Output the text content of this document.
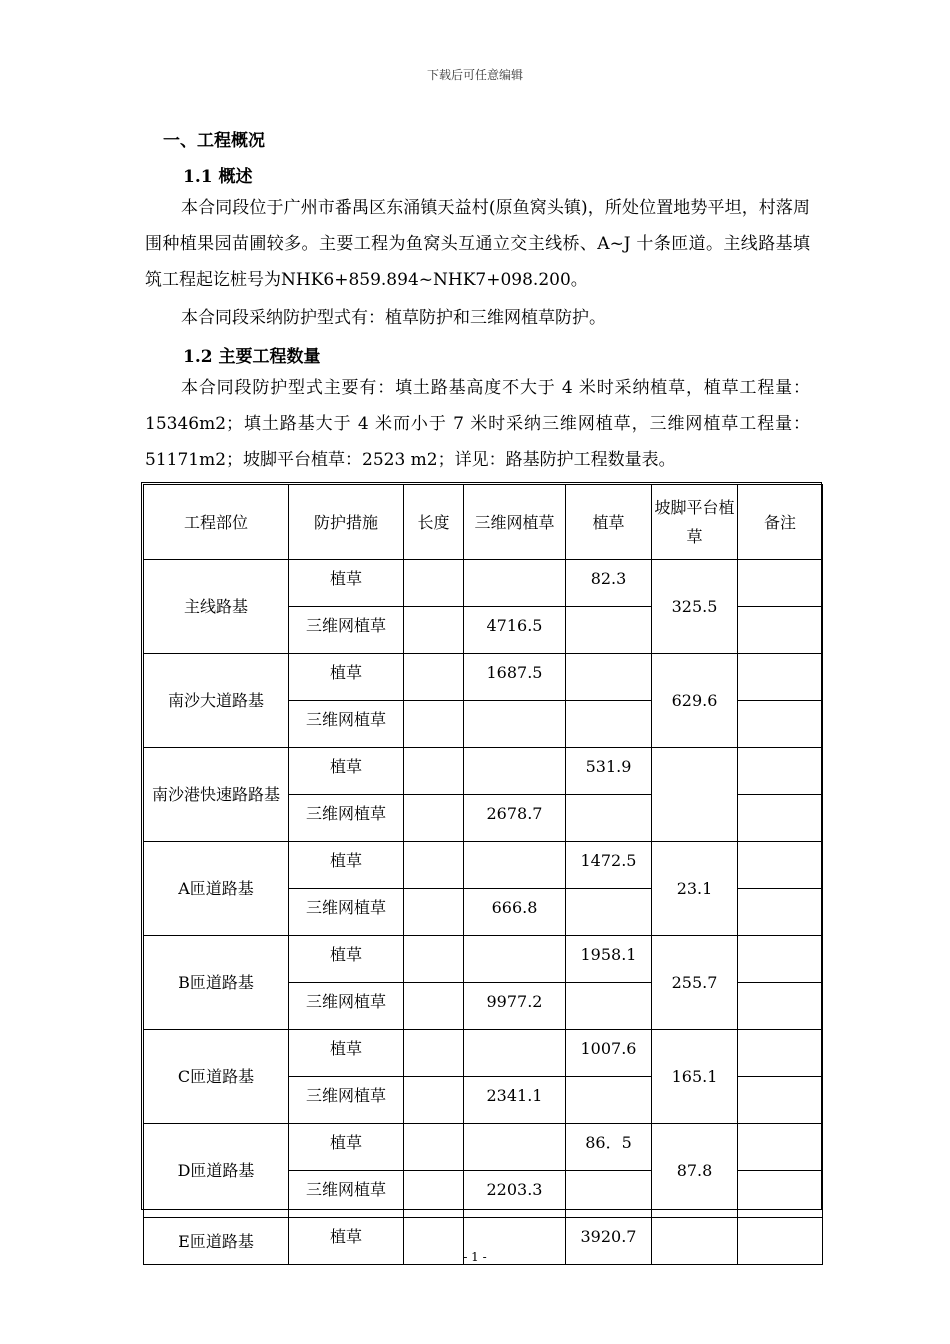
下载后可任意编辑
一、工程概况
1.1 概述
本合同段位于广州市番禺区东涌镇天益村(原鱼窝头镇)，所处位置地势平坦，村落周围种植果园苗圃较多。主要工程为鱼窝头互通立交主线桥、A~J 十条匝道。主线路基填筑工程起讫桩号为NHK6+859.894~NHK7+098.200。
本合同段采纳防护型式有：植草防护和三维网植草防护。
1.2 主要工程数量
本合同段防护型式主要有：填土路基高度不大于 4 米时采纳植草，植草工程量：15346m2；填土路基大于 4 米而小于 7 米时采纳三维网植草，三维网植草工程量：51171m2；坡脚平台植草：2523 m2；详见：路基防护工程数量表。
工程部位	防护措施	长度	三维网植草	植草	坡脚平台植草	备注
主线路基	植草			82.3	325.5	
	三维网植草		4716.5			
南沙大道路基	植草		1687.5		629.6	
	三维网植草					
南沙港快速路路基	植草			531.9		
	三维网植草		2678.7			
A匝道路基	植草			1472.5	23.1	
	三维网植草		666.8			
B匝道路基	植草			1958.1	255.7	
	三维网植草		9977.2			
C匝道路基	植草			1007.6	165.1	
	三维网植草		2341.1			
D匝道路基	植草			86．5	87.8	
	三维网植草		2203.3			
E匝道路基	植草			3920.7		
- 1 -
